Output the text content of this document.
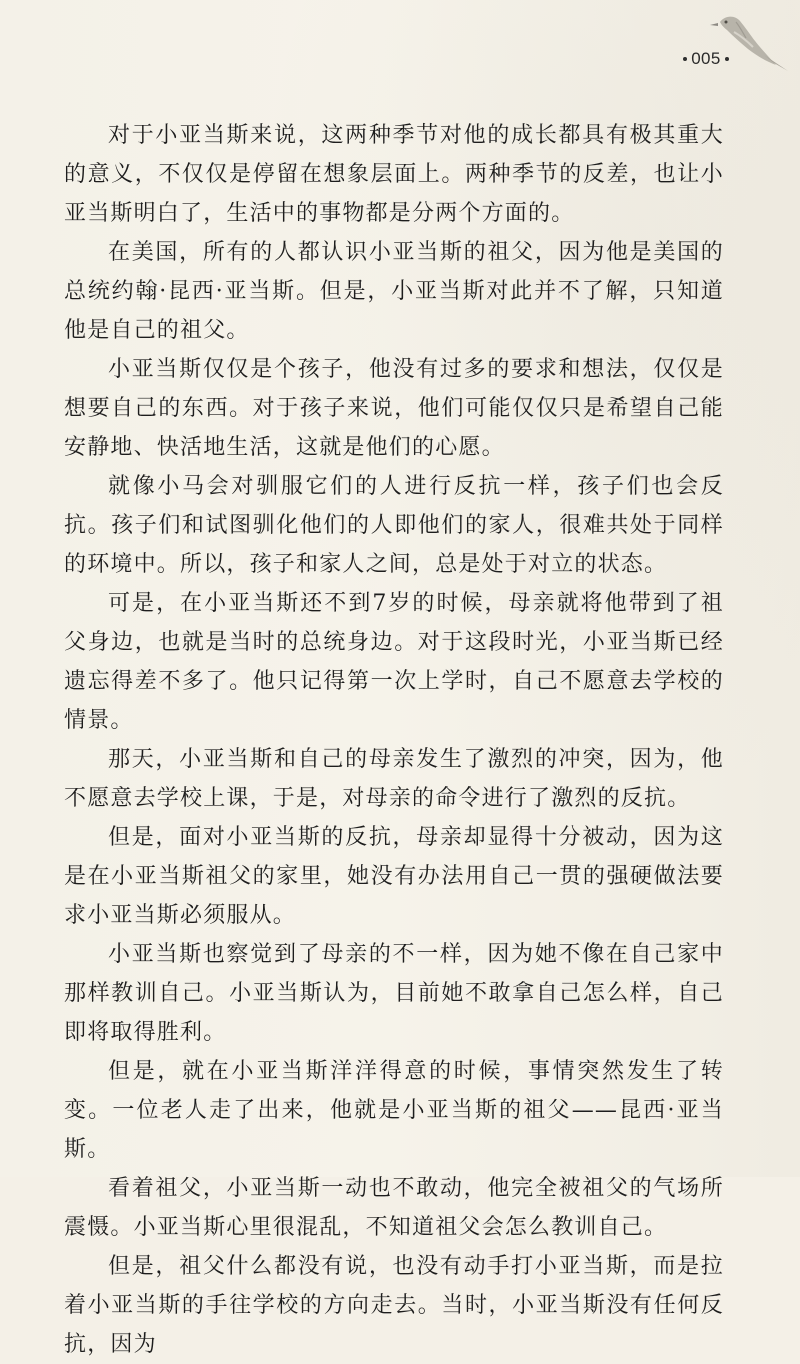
005

对于小亚当斯来说，这两种季节对他的成长都具有极其重大的意义，不仅仅是停留在想象层面上。两种季节的反差，也让小亚当斯明白了，生活中的事物都是分两个方面的。

在美国，所有的人都认识小亚当斯的祖父，因为他是美国的总统约翰·昆西·亚当斯。但是，小亚当斯对此并不了解，只知道他是自己的祖父。

小亚当斯仅仅是个孩子，他没有过多的要求和想法，仅仅是想要自己的东西。对于孩子来说，他们可能仅仅只是希望自己能安静地、快活地生活，这就是他们的心愿。

就像小马会对驯服它们的人进行反抗一样，孩子们也会反抗。孩子们和试图驯化他们的人即他们的家人，很难共处于同样的环境中。所以，孩子和家人之间，总是处于对立的状态。

可是，在小亚当斯还不到7岁的时候，母亲就将他带到了祖父身边，也就是当时的总统身边。对于这段时光，小亚当斯已经遗忘得差不多了。他只记得第一次上学时，自己不愿意去学校的情景。

那天，小亚当斯和自己的母亲发生了激烈的冲突，因为，他不愿意去学校上课，于是，对母亲的命令进行了激烈的反抗。

但是，面对小亚当斯的反抗，母亲却显得十分被动，因为这是在小亚当斯祖父的家里，她没有办法用自己一贯的强硬做法要求小亚当斯必须服从。

小亚当斯也察觉到了母亲的不一样，因为她不像在自己家中那样教训自己。小亚当斯认为，目前她不敢拿自己怎么样，自己即将取得胜利。

但是，就在小亚当斯洋洋得意的时候，事情突然发生了转变。一位老人走了出来，他就是小亚当斯的祖父——昆西·亚当斯。

看着祖父，小亚当斯一动也不敢动，他完全被祖父的气场所震慑。小亚当斯心里很混乱，不知道祖父会怎么教训自己。

但是，祖父什么都没有说，也没有动手打小亚当斯，而是拉着小亚当斯的手往学校的方向走去。当时，小亚当斯没有任何反抗，因为
